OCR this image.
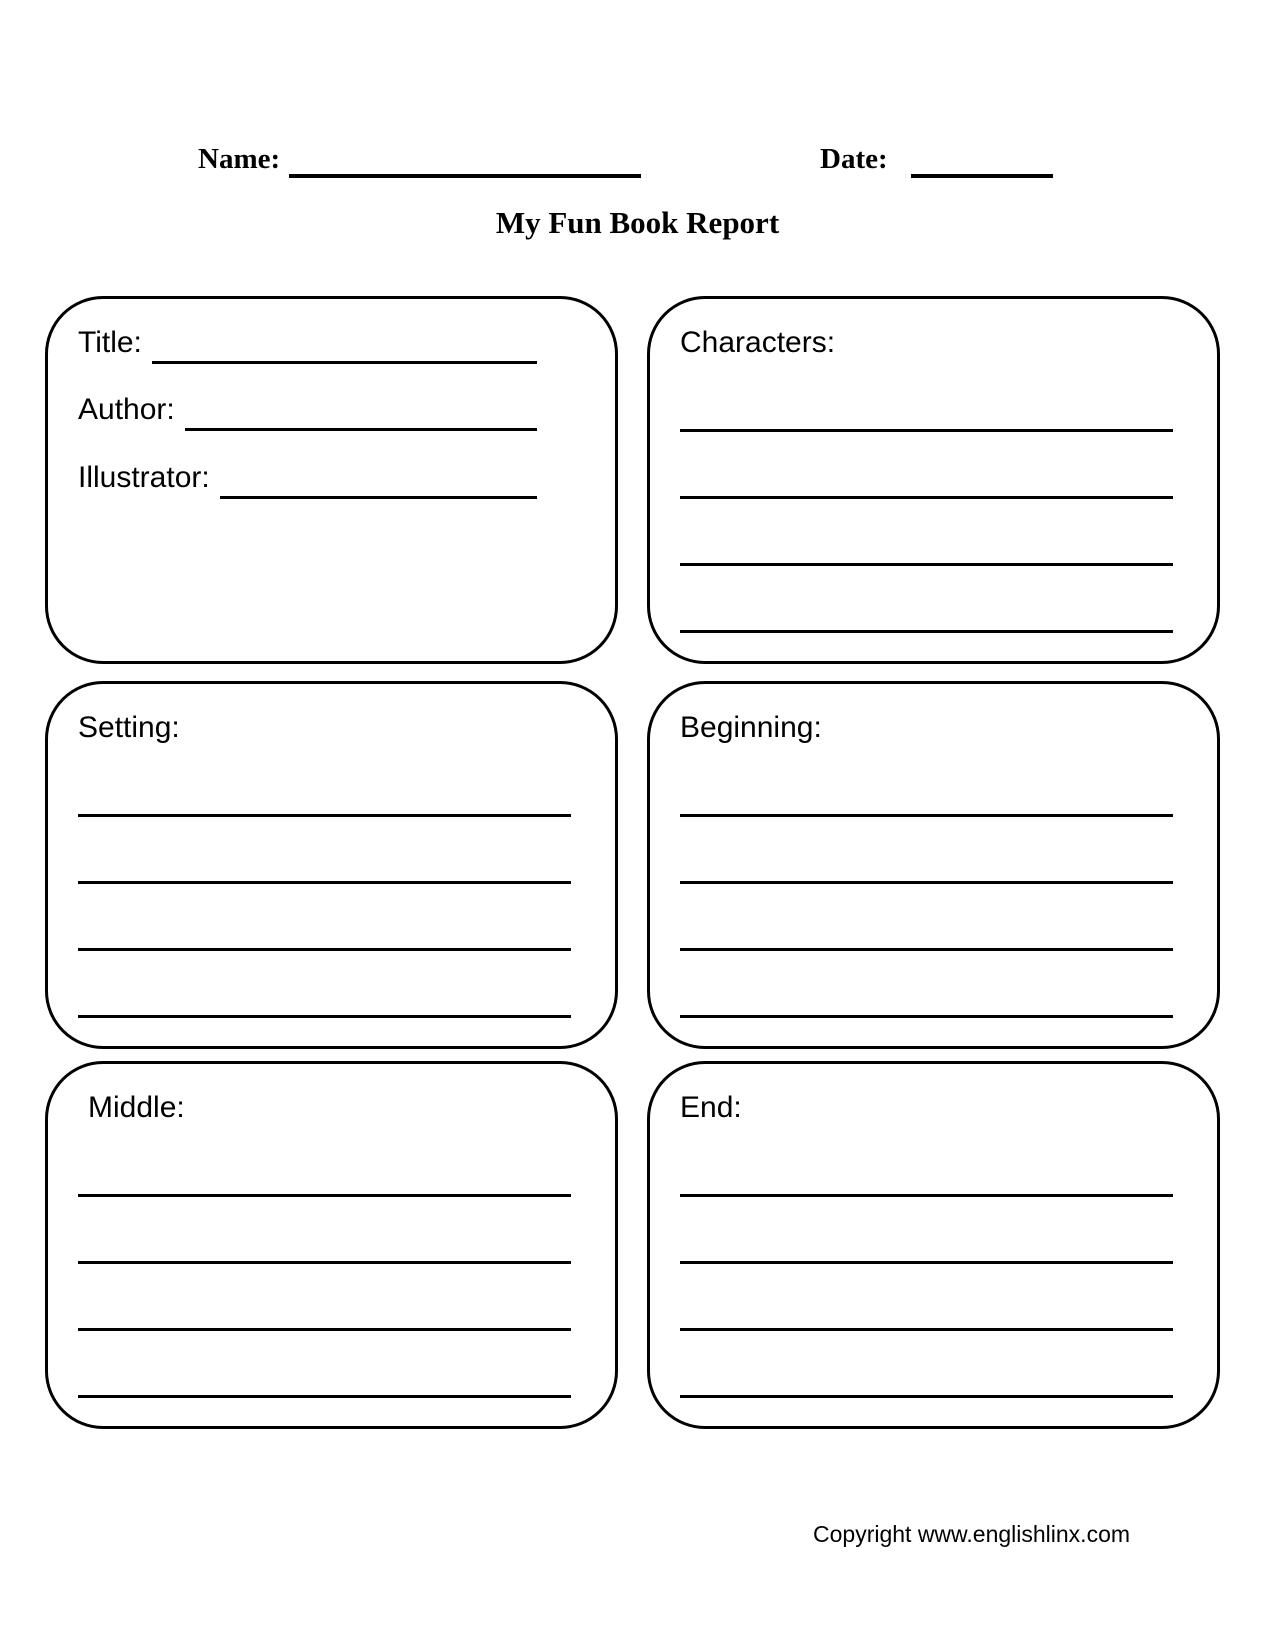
Name:	Date:
My Fun Book Report
Title:
Author:
Illustrator:
Characters:
Setting:	Beginning:
Middle:	End:
Copyright www.englishlinx.com
